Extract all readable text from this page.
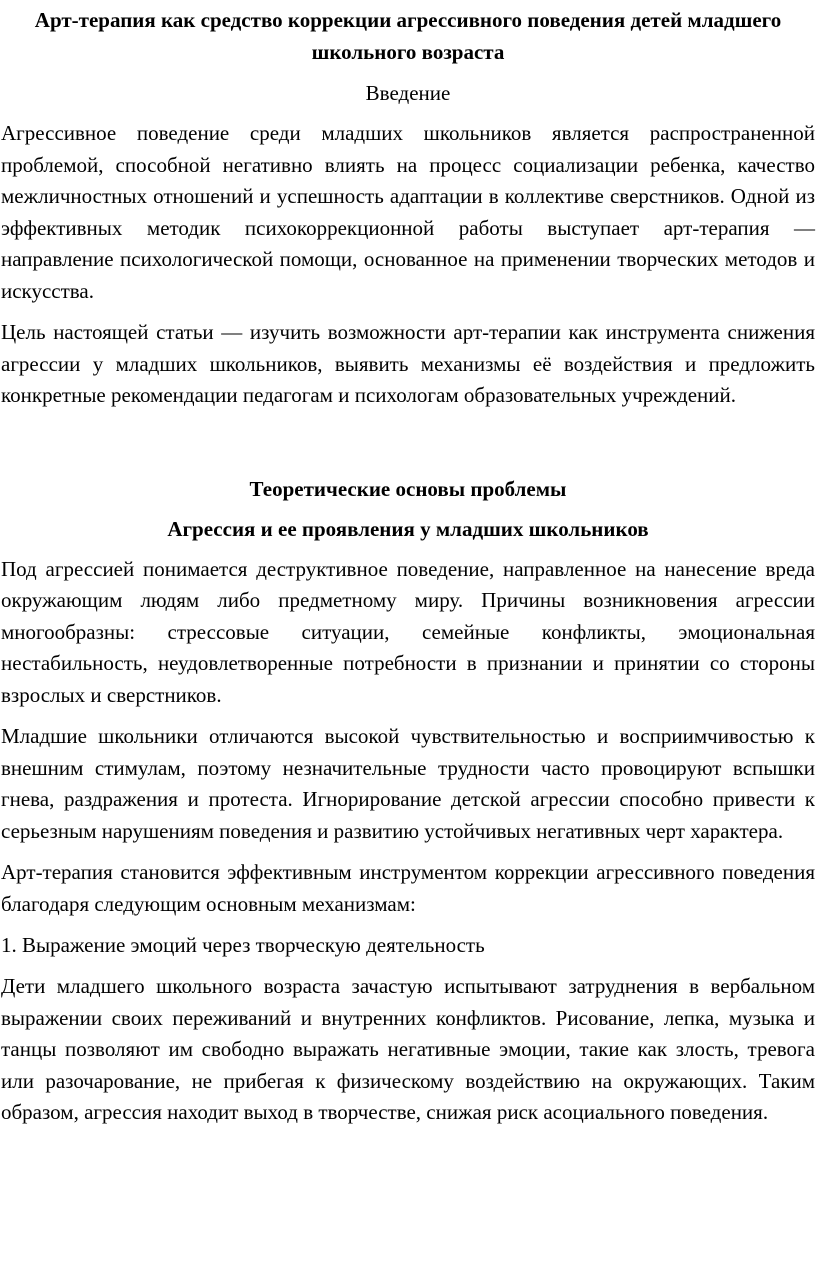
Арт-терапия как средство коррекции агрессивного поведения детей младшего школьного возраста
Введение

Агрессивное поведение среди младших школьников является распространенной проблемой, способной негативно влиять на процесс социализации ребенка, качество межличностных отношений и успешность адаптации в коллективе сверстников. Одной из эффективных методик психокоррекционной работы выступает арт-терапия — направление психологической помощи, основанное на применении творческих методов и искусства.

Цель настоящей статьи — изучить возможности арт-терапии как инструмента снижения агрессии у младших школьников, выявить механизмы её воздействия и предложить конкретные рекомендации педагогам и психологам образовательных учреждений.

Теоретические основы проблемы
Агрессия и ее проявления у младших школьников

Под агрессией понимается деструктивное поведение, направленное на нанесение вреда окружающим людям либо предметному миру. Причины возникновения агрессии многообразны: стрессовые ситуации, семейные конфликты, эмоциональная нестабильность, неудовлетворенные потребности в признании и принятии со стороны взрослых и сверстников.

Младшие школьники отличаются высокой чувствительностью и восприимчивостью к внешним стимулам, поэтому незначительные трудности часто провоцируют вспышки гнева, раздражения и протеста. Игнорирование детской агрессии способно привести к серьезным нарушениям поведения и развитию устойчивых негативных черт характера.

Арт-терапия становится эффективным инструментом коррекции агрессивного поведения благодаря следующим основным механизмам:

1. Выражение эмоций через творческую деятельность

Дети младшего школьного возраста зачастую испытывают затруднения в вербальном выражении своих переживаний и внутренних конфликтов. Рисование, лепка, музыка и танцы позволяют им свободно выражать негативные эмоции, такие как злость, тревога или разочарование, не прибегая к физическому воздействию на окружающих. Таким образом, агрессия находит выход в творчестве, снижая риск асоциального поведения.
